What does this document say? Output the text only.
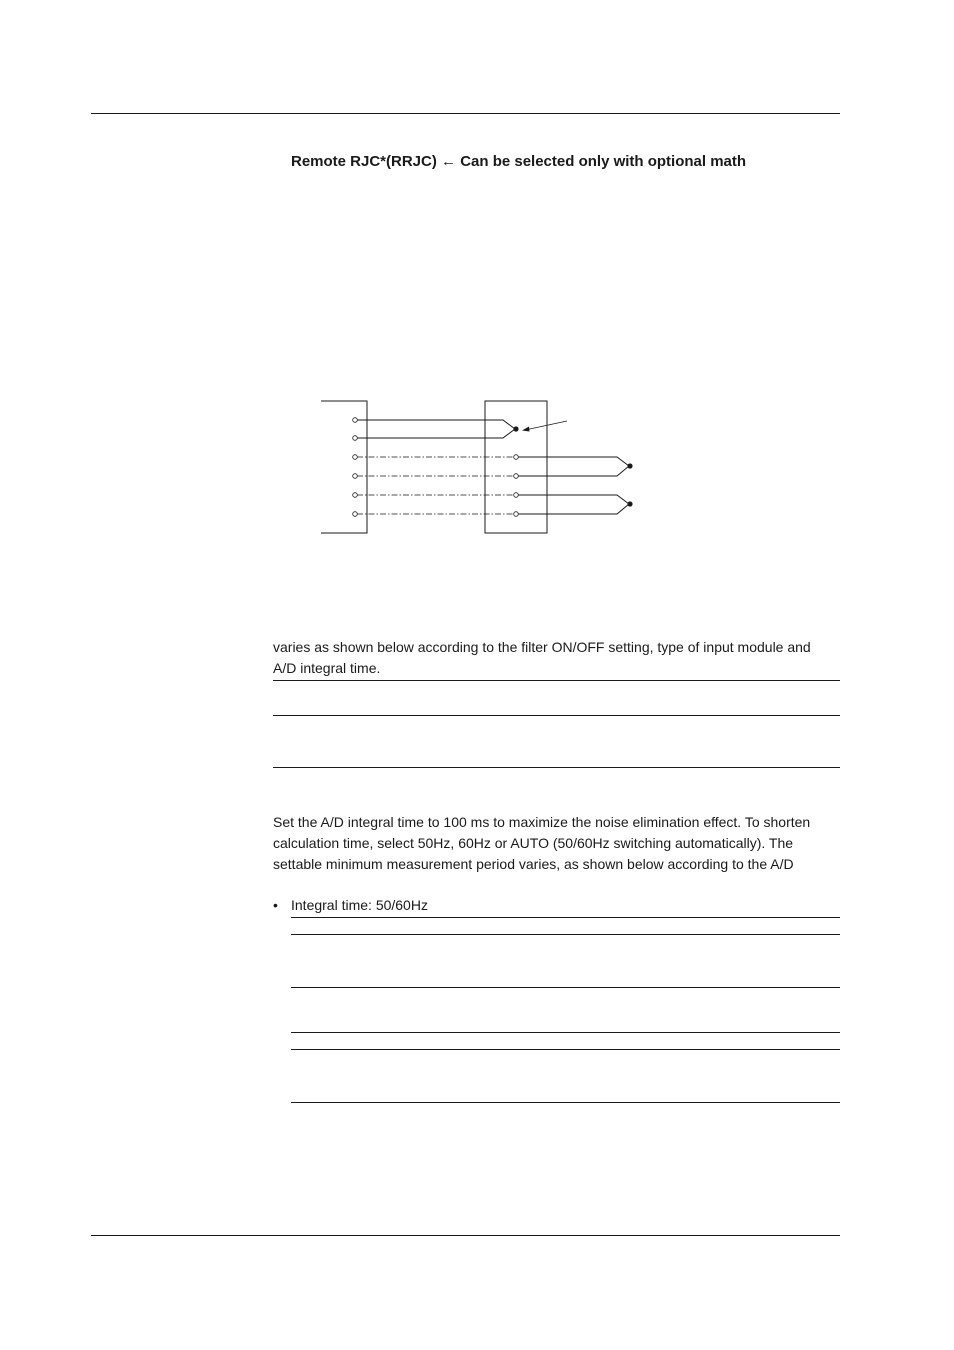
Remote RJC*(RRJC) ← Can be selected only with optional math
varies as shown below according to the filter ON/OFF setting, type of input module and
A/D integral time.
Set the A/D integral time to 100 ms to maximize the noise elimination effect. To shorten
calculation time, select 50Hz, 60Hz or AUTO (50/60Hz switching automatically). The
settable minimum measurement period varies, as shown below according to the A/D
• Integral time: 50/60Hz
